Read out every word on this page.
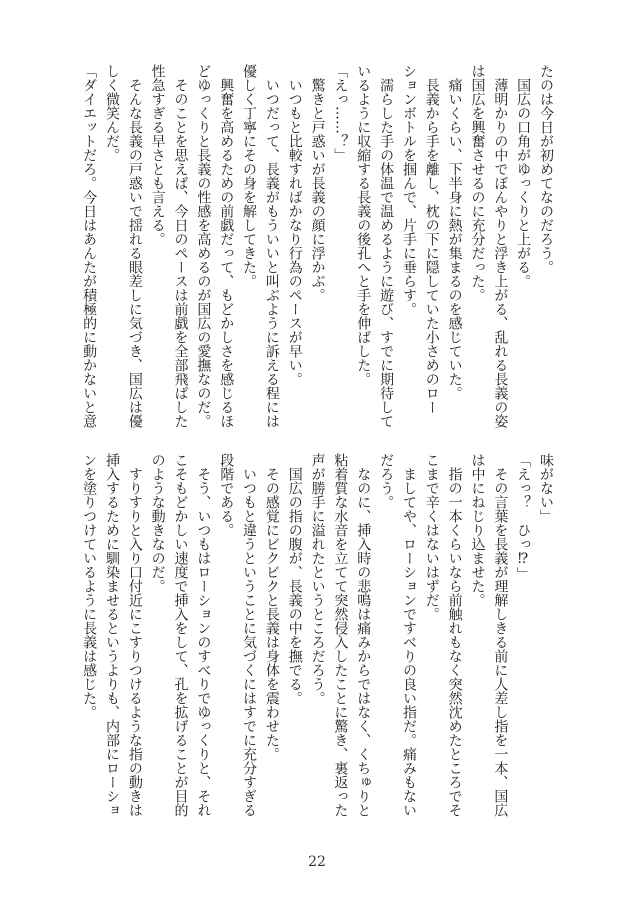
たのは今日が初めてなのだろう。
　国広の口角がゆっくりと上がる。
　薄明かりの中でぼんやりと浮き上がる、乱れる長義の姿
は国広を興奮させるのに充分だった。
　痛いくらい、下半身に熱が集まるのを感じていた。
　長義から手を離し、枕の下に隠していた小さめのロー
ションボトルを掴んで、片手に垂らす。
　濡らした手の体温で温めるように遊び、すでに期待して
いるように収縮する長義の後孔へと手を伸ばした。
「えっ……？」
　驚きと戸惑いが長義の顔に浮かぶ。
　いつもと比較すればかなり行為のペースが早い。
　いつだって、長義がもういいと叫ぶように訴える程には
優しく丁寧にその身を解してきた。
　興奮を高めるための前戯だって、もどかしさを感じるほ
どゆっくりと長義の性感を高めるのが国広の愛撫なのだ。
　そのことを思えば、今日のペースは前戯を全部飛ばした
性急すぎる早さとも言える。
　そんな長義の戸惑いで揺れる眼差しに気づき、国広は優
しく微笑んだ。
「ダイエットだろ。今日はあんたが積極的に動かないと意
味がない」
「えっ？　ひっ⁉」
　その言葉を長義が理解しきる前に人差し指を一本、国広
は中にねじり込ませた。
　指の一本くらいなら前触れもなく突然沈めたところでそ
こまで辛くはないはずだ。
　ましてや、ローションですべりの良い指だ。痛みもない
だろう。
　なのに、挿入時の悲鳴は痛みからではなく、くちゅりと
粘着質な水音を立てて突然侵入したことに驚き、裏返った
声が勝手に溢れたというところだろう。
　国広の指の腹が、長義の中を撫でる。
　その感覚にビクビクと長義は身体を震わせた。
　いつもと違うということに気づくにはすでに充分すぎる
段階である。
　そう、いつもはローションのすべりでゆっくりと、それ
こそもどかしい速度で挿入をして、孔を拡げることが目的
のような動きなのだ。
　すりすりと入り口付近にこすりつけるような指の動きは
挿入するために馴染ませるというよりも、内部にローショ
ンを塗りつけているように長義は感じた。
22
